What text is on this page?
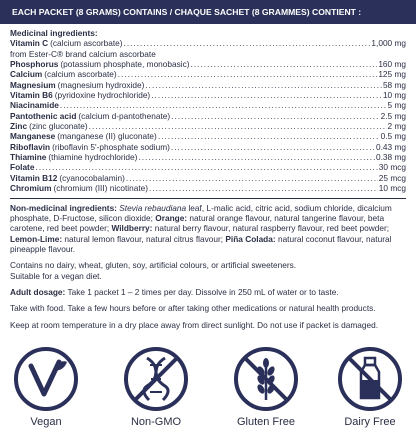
EACH PACKET (8 GRAMS) CONTAINS / CHAQUE SACHET (8 GRAMMES) CONTIENT :
Medicinal ingredients:
Vitamin C (calcium ascorbate) .....	1,000 mg
from Ester-C® brand calcium ascorbate
Phosphorus (potassium phosphate, monobasic) .....	160 mg
Calcium (calcium ascorbate) .....	125 mg
Magnesium (magnesium hydroxide) .....	58 mg
Vitamin B6 (pyridoxine hydrochloride) .....	10 mg
Niacinamide .....	5 mg
Pantothenic acid (calcium d-pantothenate) .....	2.5 mg
Zinc (zinc gluconate) .....	2 mg
Manganese (manganese (II) gluconate) .....	0.5 mg
Riboflavin (riboflavin 5'-phosphate sodium) .....	0.43 mg
Thiamine (thiamine hydrochloride) .....	0.38 mg
Folate .....	30 mcg
Vitamin B12 (cyanocobalamin) .....	25 mcg
Chromium (chromium (III) nicotinate) .....	10 mcg
Non-medicinal ingredients: Stevia rebaudiana leaf, L-malic acid, citric acid, sodium chloride, dicalcium phosphate, D-Fructose, silicon dioxide; Orange: natural orange flavour, natural tangerine flavour, beta carotene, red beet powder; Wildberry: natural berry flavour, natural raspberry flavour, red beet powder; Lemon-Lime: natural lemon flavour, natural citrus flavour; Piña Colada: natural coconut flavour, natural pineapple flavour.
Contains no dairy, wheat, gluten, soy, artificial colours, or artificial sweeteners.
Suitable for a vegan diet.
Adult dosage: Take 1 packet 1 – 2 times per day. Dissolve in 250 mL of water or to taste.
Take with food. Take a few hours before or after taking other medications or natural health products.
Keep at room temperature in a dry place away from direct sunlight. Do not use if packet is damaged.
Vegan	Non-GMO	Gluten Free	Dairy Free
